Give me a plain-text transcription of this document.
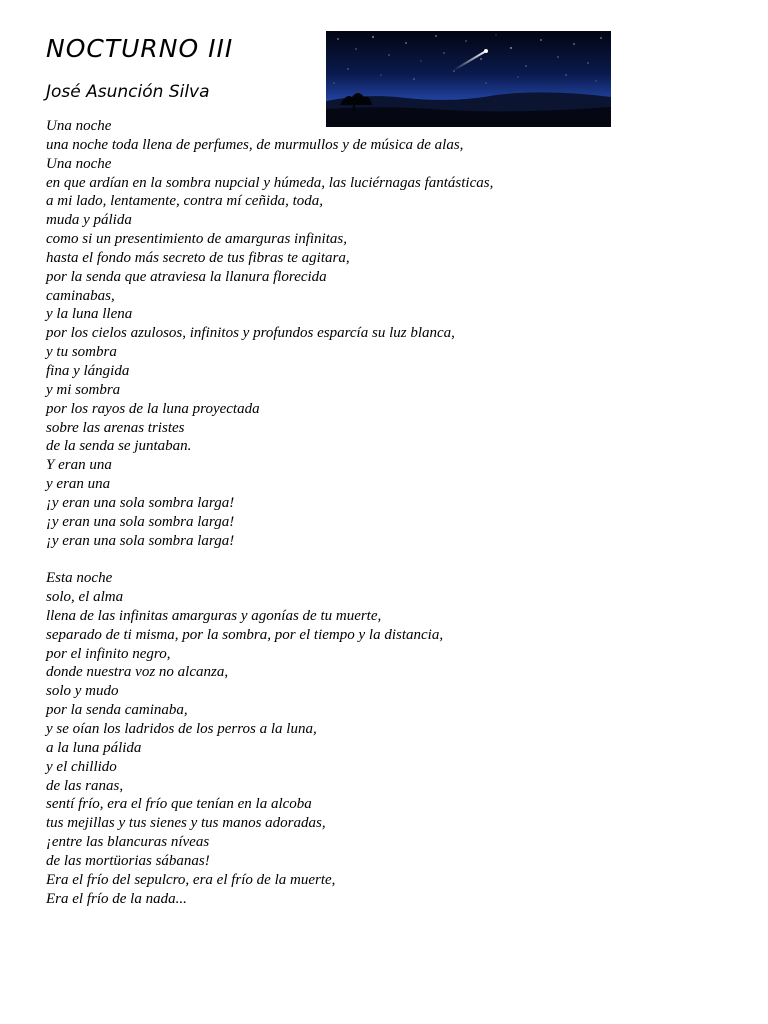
NOCTURNO III
José Asunción Silva
Una noche
una noche toda llena de perfumes, de murmullos y de música de alas,
Una noche
en que ardían en la sombra nupcial y húmeda, las luciérnagas fantásticas,
a mi lado, lentamente, contra mí ceñida, toda,
muda y pálida
como si un presentimiento de amarguras infinitas,
hasta el fondo más secreto de tus fibras te agitara,
por la senda que atraviesa la llanura florecida
caminabas,
y la luna llena
por los cielos azulosos, infinitos y profundos esparcía su luz blanca,
y tu sombra
fina y lángida
y mi sombra
por los rayos de la luna proyectada
sobre las arenas tristes
de la senda se juntaban.
Y eran una
y eran una
¡y eran una sola sombra larga!
¡y eran una sola sombra larga!
¡y eran una sola sombra larga!
Esta noche
solo, el alma
llena de las infinitas amarguras y agonías de tu muerte,
separado de ti misma, por la sombra, por el tiempo y la distancia,
por el infinito negro,
donde nuestra voz no alcanza,
solo y mudo
por la senda caminaba,
y se oían los ladridos de los perros a la luna,
a la luna pálida
y el chillido
de las ranas,
sentí frío, era el frío que tenían en la alcoba
tus mejillas y tus sienes y tus manos adoradas,
¡entre las blancuras níveas
de las mortüorias sábanas!
Era el frío del sepulcro, era el frío de la muerte,
Era el frío de la nada...
